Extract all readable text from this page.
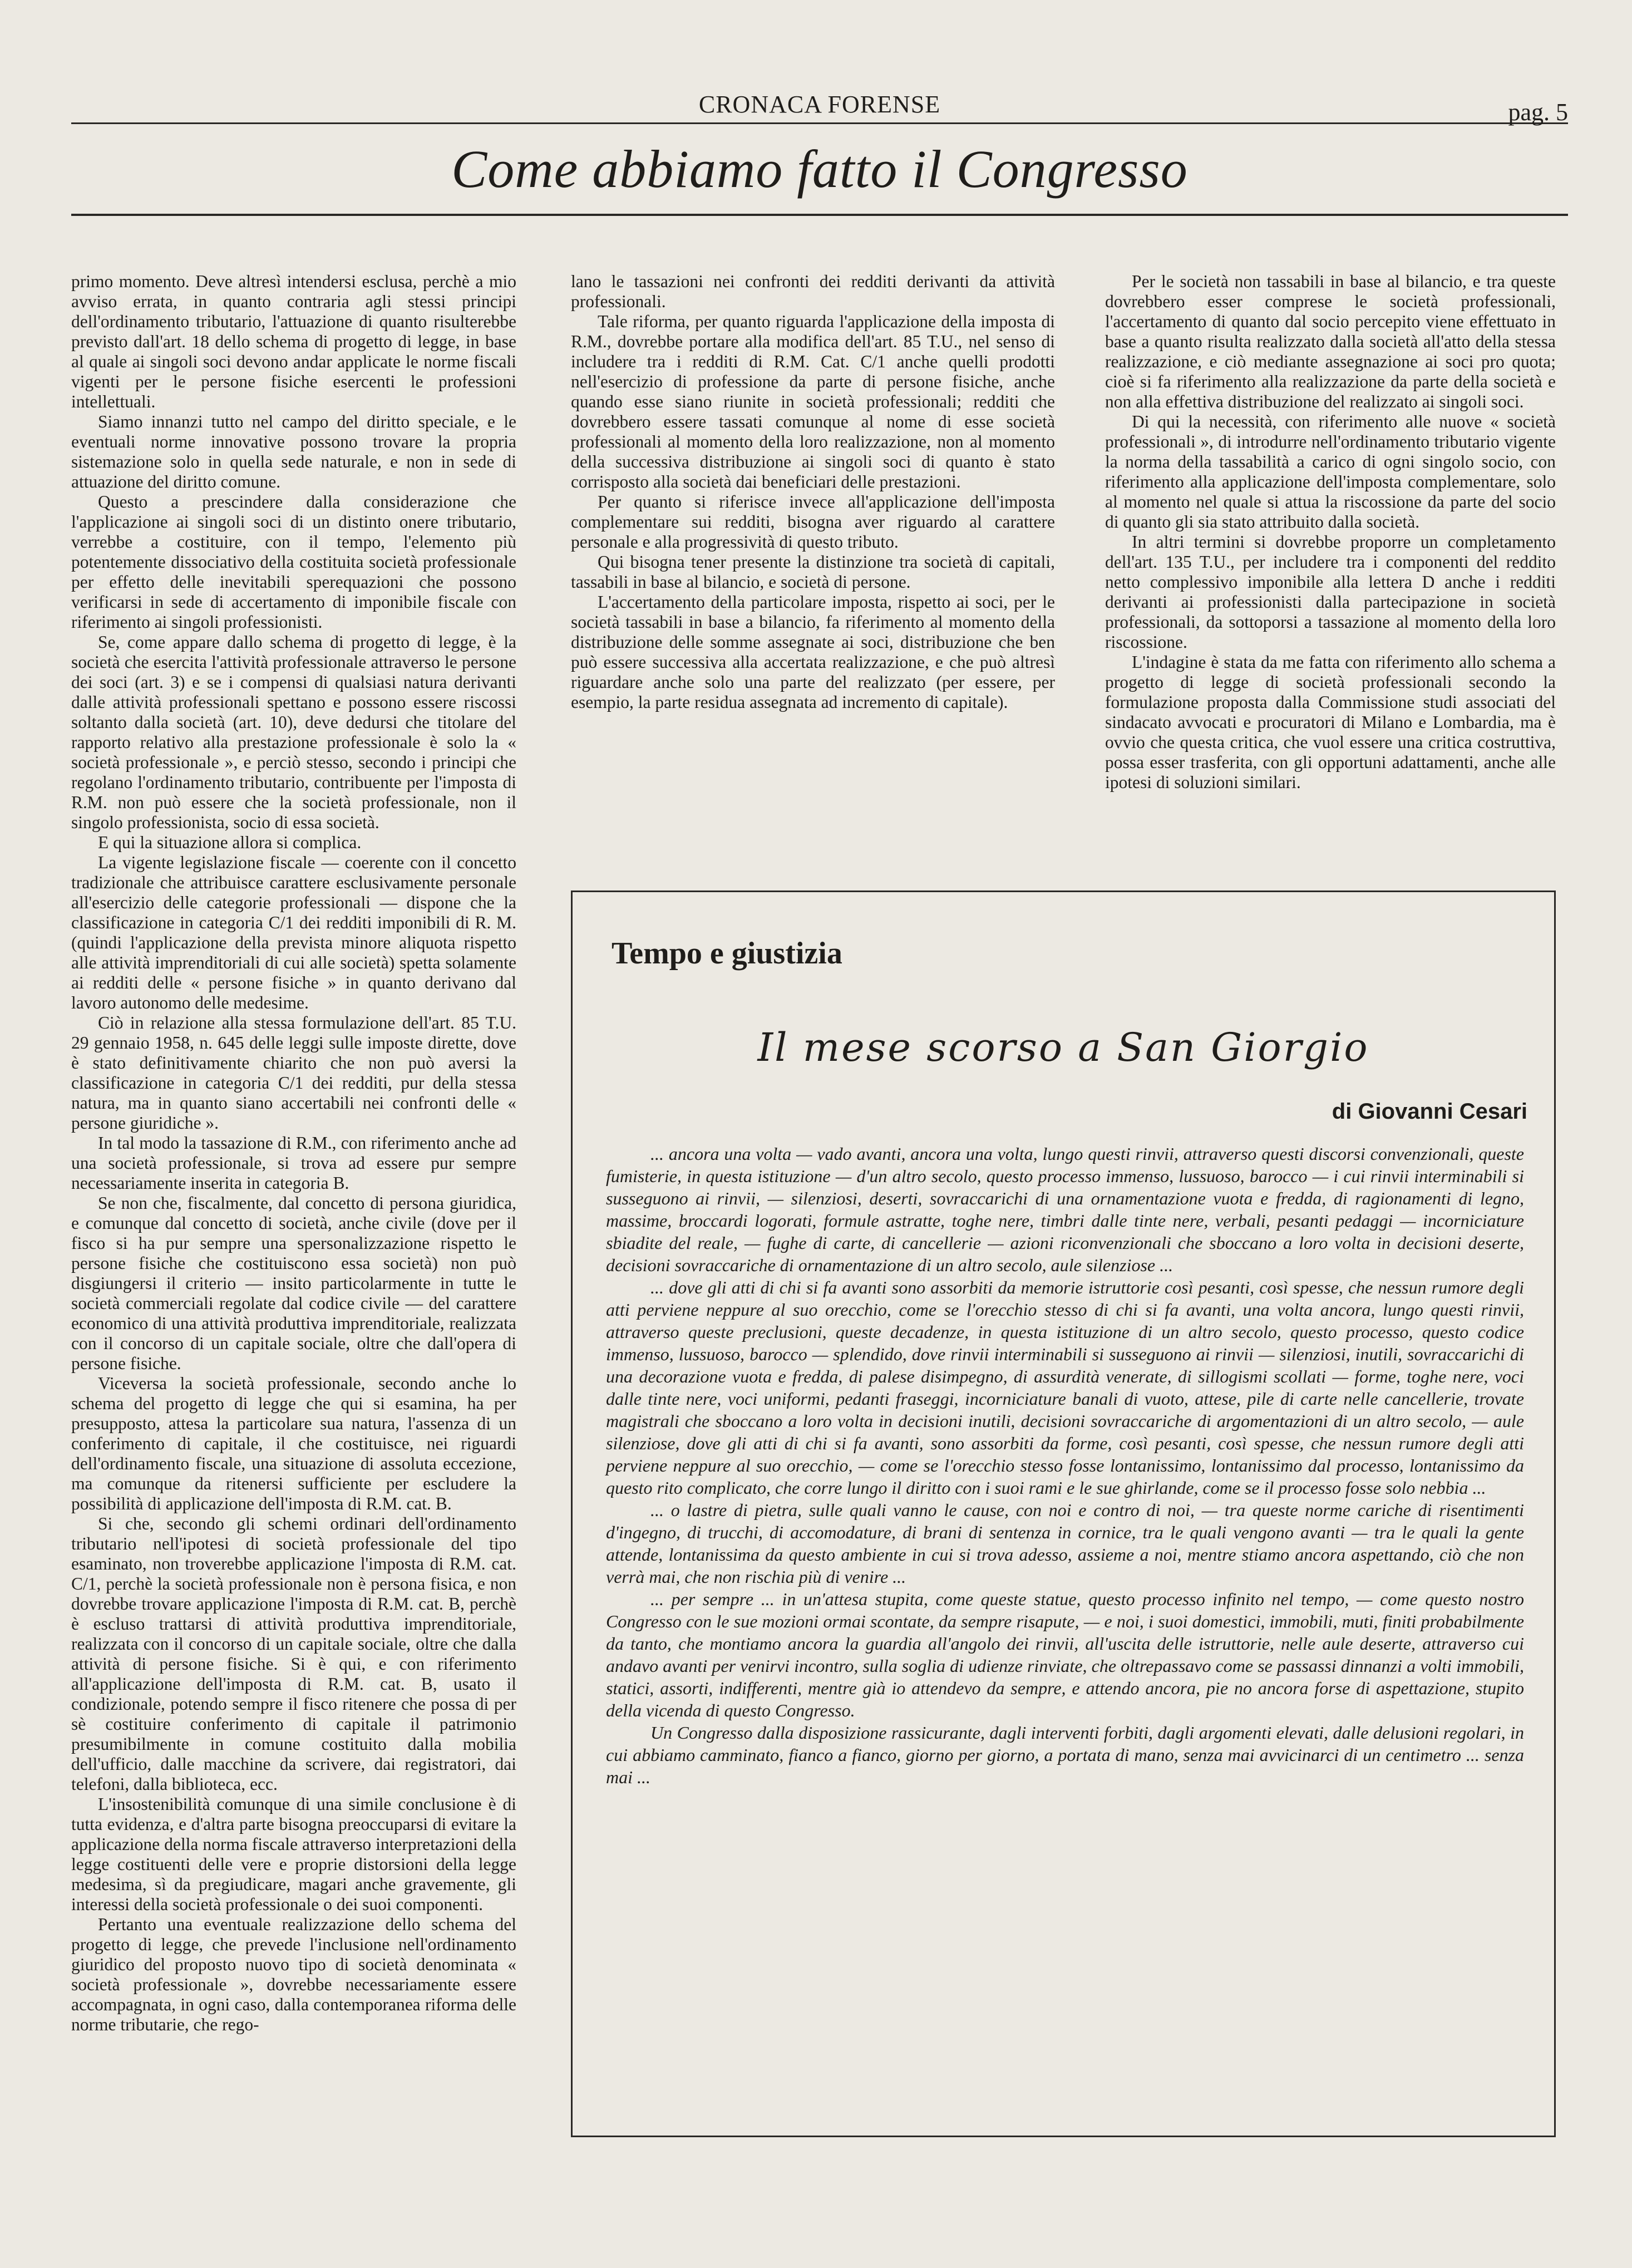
CRONACA FORENSE	pag. 5
Come abbiamo fatto il Congresso

primo momento. Deve altresì intendersi esclusa, perchè a mio avviso errata, in quanto contraria agli stessi principi dell'ordinamento tributario, l'attuazione di quanto risulterebbe previsto dall'art. 18 dello schema di progetto di legge, in base al quale ai singoli soci devono andar applicate le norme fiscali vigenti per le persone fisiche esercenti le professioni intellettuali.

Siamo innanzi tutto nel campo del diritto speciale, e le eventuali norme innovative possono trovare la propria sistemazione solo in quella sede naturale, e non in sede di attuazione del diritto comune.

Questo a prescindere dalla considerazione che l'applicazione ai singoli soci di un distinto onere tributario, verrebbe a costituire, con il tempo, l'elemento più potentemente dissociativo della costituita società professionale per effetto delle inevitabili sperequazioni che possono verificarsi in sede di accertamento di imponibile fiscale con riferimento ai singoli professionisti.

Se, come appare dallo schema di progetto di legge, è la società che esercita l'attività professionale attraverso le persone dei soci (art. 3) e se i compensi di qualsiasi natura derivanti dalle attività professionali spettano e possono essere riscossi soltanto dalla società (art. 10), deve dedursi che titolare del rapporto relativo alla prestazione professionale è solo la « società professionale », e perciò stesso, secondo i principi che regolano l'ordinamento tributario, contribuente per l'imposta di R.M. non può essere che la società professionale, non il singolo professionista, socio di essa società.

E qui la situazione allora si complica.

La vigente legislazione fiscale — coerente con il concetto tradizionale che attribuisce carattere esclusivamente personale all'esercizio delle categorie professionali — dispone che la classificazione in categoria C/1 dei redditi imponibili di R. M. (quindi l'applicazione della prevista minore aliquota rispetto alle attività imprenditoriali di cui alle società) spetta solamente ai redditi delle « persone fisiche » in quanto derivano dal lavoro autonomo delle medesime.

Ciò in relazione alla stessa formulazione dell'art. 85 T.U. 29 gennaio 1958, n. 645 delle leggi sulle imposte dirette, dove è stato definitivamente chiarito che non può aversi la classificazione in categoria C/1 dei redditi, pur della stessa natura, ma in quanto siano accertabili nei confronti delle « persone giuridiche ».

In tal modo la tassazione di R.M., con riferimento anche ad una società professionale, si trova ad essere pur sempre necessariamente inserita in categoria B.

Se non che, fiscalmente, dal concetto di persona giuridica, e comunque dal concetto di società, anche civile (dove per il fisco si ha pur sempre una spersonalizzazione rispetto le persone fisiche che costituiscono essa società) non può disgiungersi il criterio — insito particolarmente in tutte le società commerciali regolate dal codice civile — del carattere economico di una attività produttiva imprenditoriale, realizzata con il concorso di un capitale sociale, oltre che dall'opera di persone fisiche.

Viceversa la società professionale, secondo anche lo schema del progetto di legge che qui si esamina, ha per presupposto, attesa la particolare sua natura, l'assenza di un conferimento di capitale, il che costituisce, nei riguardi dell'ordinamento fiscale, una situazione di assoluta eccezione, ma comunque da ritenersi sufficiente per escludere la possibilità di applicazione dell'imposta di R.M. cat. B.

Si che, secondo gli schemi ordinari dell'ordinamento tributario nell'ipotesi di società professionale del tipo esaminato, non troverebbe applicazione l'imposta di R.M. cat. C/1, perchè la società professionale non è persona fisica, e non dovrebbe trovare applicazione l'imposta di R.M. cat. B, perchè è escluso trattarsi di attività produttiva imprenditoriale, realizzata con il concorso di un capitale sociale, oltre che dalla attività di persone fisiche. Si è qui, e con riferimento all'applicazione dell'imposta di R.M. cat. B, usato il condizionale, potendo sempre il fisco ritenere che possa di per sè costituire conferimento di capitale il patrimonio presumibilmente in comune costituito dalla mobilia dell'ufficio, dalle macchine da scrivere, dai registratori, dai telefoni, dalla biblioteca, ecc.

L'insostenibilità comunque di una simile conclusione è di tutta evidenza, e d'altra parte bisogna preoccuparsi di evitare la applicazione della norma fiscale attraverso interpretazioni della legge costituenti delle vere e proprie distorsioni della legge medesima, sì da pregiudicare, magari anche gravemente, gli interessi della società professionale o dei suoi componenti.

Pertanto una eventuale realizzazione dello schema del progetto di legge, che prevede l'inclusione nell'ordinamento giuridico del proposto nuovo tipo di società denominata « società professionale », dovrebbe necessariamente essere accompagnata, in ogni caso, dalla contemporanea riforma delle norme tributarie, che rego-

lano le tassazioni nei confronti dei redditi derivanti da attività professionali.

Tale riforma, per quanto riguarda l'applicazione della imposta di R.M., dovrebbe portare alla modifica dell'art. 85 T.U., nel senso di includere tra i redditi di R.M. Cat. C/1 anche quelli prodotti nell'esercizio di professione da parte di persone fisiche, anche quando esse siano riunite in società professionali; redditi che dovrebbero essere tassati comunque al nome di esse società professionali al momento della loro realizzazione, non al momento della successiva distribuzione ai singoli soci di quanto è stato corrisposto alla società dai beneficiari delle prestazioni.

Per quanto si riferisce invece all'applicazione dell'imposta complementare sui redditi, bisogna aver riguardo al carattere personale e alla progressività di questo tributo.

Qui bisogna tener presente la distinzione tra società di capitali, tassabili in base al bilancio, e società di persone.

L'accertamento della particolare imposta, rispetto ai soci, per le società tassabili in base a bilancio, fa riferimento al momento della distribuzione delle somme assegnate ai soci, distribuzione che ben può essere successiva alla accertata realizzazione, e che può altresì riguardare anche solo una parte del realizzato (per essere, per esempio, la parte residua assegnata ad incremento di capitale).

Per le società non tassabili in base al bilancio, e tra queste dovrebbero esser comprese le società professionali, l'accertamento di quanto dal socio percepito viene effettuato in base a quanto risulta realizzato dalla società all'atto della stessa realizzazione, e ciò mediante assegnazione ai soci pro quota; cioè si fa riferimento alla realizzazione da parte della società e non alla effettiva distribuzione del realizzato ai singoli soci.

Di qui la necessità, con riferimento alle nuove « società professionali », di introdurre nell'ordinamento tributario vigente la norma della tassabilità a carico di ogni singolo socio, con riferimento alla applicazione dell'imposta complementare, solo al momento nel quale si attua la riscossione da parte del socio di quanto gli sia stato attribuito dalla società.

In altri termini si dovrebbe proporre un completamento dell'art. 135 T.U., per includere tra i componenti del reddito netto complessivo imponibile alla lettera D anche i redditi derivanti ai professionisti dalla partecipazione in società professionali, da sottoporsi a tassazione al momento della loro riscossione.

L'indagine è stata da me fatta con riferimento allo schema a progetto di legge di società professionali secondo la formulazione proposta dalla Commissione studi associati del sindacato avvocati e procuratori di Milano e Lombardia, ma è ovvio che questa critica, che vuol essere una critica costruttiva, possa esser trasferita, con gli opportuni adattamenti, anche alle ipotesi di soluzioni similari.

Tempo e giustizia
Il mese scorso a San Giorgio
di Giovanni Cesari

... ancora una volta — vado avanti, ancora una volta, lungo questi rinvii, attraverso questi discorsi convenzionali, queste fumisterie, in questa istituzione — d'un altro secolo, questo processo immenso, lussuoso, barocco — i cui rinvii interminabili si susseguono ai rinvii, — silenziosi, deserti, sovraccarichi di una ornamentazione vuota e fredda, di ragionamenti di legno, massime, broccardi logorati, formule astratte, toghe nere, timbri dalle tinte nere, verbali, pesanti pedaggi — incorniciature sbiadite del reale, — fughe di carte, di cancellerie — azioni riconvenzionali che sboccano a loro volta in decisioni deserte, decisioni sovraccariche di ornamentazione di un altro secolo, aule silenziose ...

... dove gli atti di chi si fa avanti sono assorbiti da memorie istruttorie così pesanti, così spesse, che nessun rumore degli atti perviene neppure al suo orecchio, come se l'orecchio stesso di chi si fa avanti, una volta ancora, lungo questi rinvii, attraverso queste preclusioni, queste decadenze, in questa istituzione di un altro secolo, questo processo, questo codice immenso, lussuoso, barocco — splendido, dove rinvii interminabili si susseguono ai rinvii — silenziosi, inutili, sovraccarichi di una decorazione vuota e fredda, di palese disimpegno, di assurdità venerate, di sillogismi scollati — forme, toghe nere, voci dalle tinte nere, voci uniformi, pedanti fraseggi, incorniciature banali di vuoto, attese, pile di carte nelle cancellerie, trovate magistrali che sboccano a loro volta in decisioni inutili, decisioni sovraccariche di argomentazioni di un altro secolo, — aule silenziose, dove gli atti di chi si fa avanti, sono assorbiti da forme, così pesanti, così spesse, che nessun rumore degli atti perviene neppure al suo orecchio, — come se l'orecchio stesso fosse lontanissimo, lontanissimo dal processo, lontanissimo da questo rito complicato, che corre lungo il diritto con i suoi rami e le sue ghirlande, come se il processo fosse solo nebbia ...

... o lastre di pietra, sulle quali vanno le cause, con noi e contro di noi, — tra queste norme cariche di risentimenti d'ingegno, di trucchi, di accomodature, di brani di sentenza in cornice, tra le quali vengono avanti — tra le quali la gente attende, lontanissima da questo ambiente in cui si trova adesso, assieme a noi, mentre stiamo ancora aspettando, ciò che non verrà mai, che non rischia più di venire ...

... per sempre ... in un'attesa stupita, come queste statue, questo processo infinito nel tempo, — come questo nostro Congresso con le sue mozioni ormai scontate, da sempre risapute, — e noi, i suoi domestici, immobili, muti, finiti probabilmente da tanto, che montiamo ancora la guardia all'angolo dei rinvii, all'uscita delle istruttorie, nelle aule deserte, attraverso cui andavo avanti per venirvi incontro, sulla soglia di udienze rinviate, che oltrepassavo come se passassi dinnanzi a volti immobili, statici, assorti, indifferenti, mentre già io attendevo da sempre, e attendo ancora, pie no ancora forse di aspettazione, stupito della vicenda di questo Congresso.

Un Congresso dalla disposizione rassicurante, dagli interventi forbiti, dagli argomenti elevati, dalle delusioni regolari, in cui abbiamo camminato, fianco a fianco, giorno per giorno, a portata di mano, senza mai avvicinarci di un centimetro ... senza mai ...
